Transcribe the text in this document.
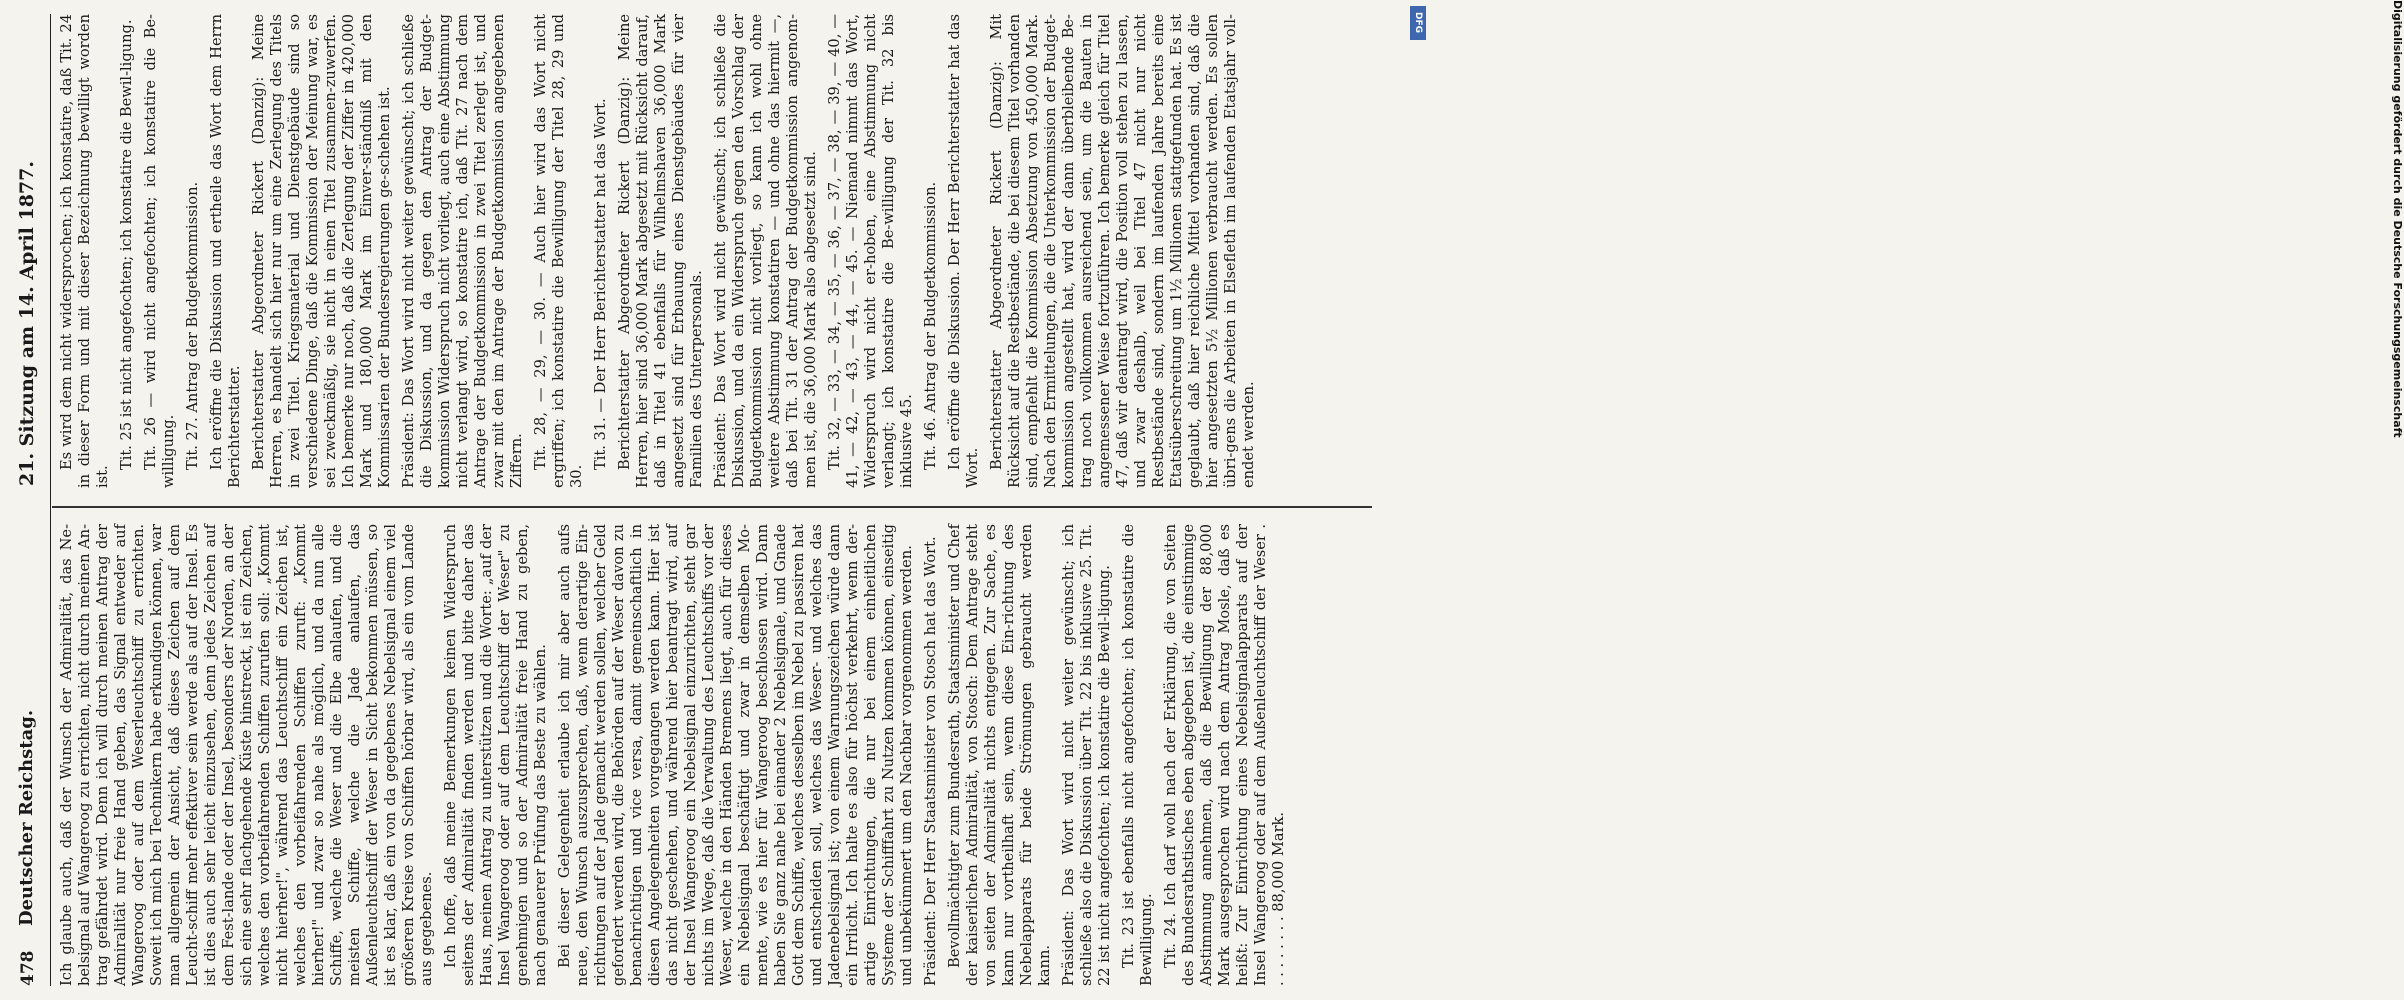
478
Deutscher Reichstag.
21. Sitzung am 14. April 1877.

Ich glaube auch, daß der Wunsch der Admiralität, das Ne-belsignal auf Wangeroog zu errichten, nicht durch meinen An-trag gefährdet wird. Denn ich will durch meinen Antrag der Admiralität nur freie Hand geben, das Signal entweder auf Wangeroog oder auf dem Weserleuchtschiff zu errichten. Soweit ich mich bei Technikern habe erkundigen können, war man allgemein der Ansicht, daß dieses Zeichen auf dem Leucht-schiff mehr effektiver sein werde als auf der Insel. Es ist dies auch sehr leicht einzusehen, denn jedes Zeichen auf dem Fest-lande oder der Insel, besonders der Norden, an der sich eine sehr flachgehende Küste hinstreckt, ist ein Zeichen, welches den vorbeifahrenden Schiffen zurufen soll: „Kommt nicht hierher!", während das Leuchtschiff ein Zeichen ist, welches den vorbeifahrenden Schiffen zuruft: „Kommt hierher!" und zwar so nahe als möglich, und da nun alle Schiffe, welche die Weser und die Elbe anlaufen, und die meisten Schiffe, welche die Jade anlaufen, das Außenleuchtschiff der Weser in Sicht bekommen müssen, so ist es klar, daß ein von da gegebenes Nebelsignal einem viel größeren Kreise von Schiffen hörbar wird, als ein vom Lande aus gegebenes. Ich hoffe, daß meine Bemerkungen keinen Widerspruch seitens der Admiralität finden werden und bitte daher das Haus, meinen Antrag zu unterstützen und die Worte: „auf der Insel Wangeroog oder auf dem Leuchtschiff der Weser" zu genehmigen und so der Admiralität freie Hand zu geben, nach genauerer Prüfung das Beste zu wählen. Bei dieser Gelegenheit erlaube ich mir aber auch aufs neue, den Wunsch auszusprechen, daß, wenn derartige Ein-richtungen auf der Jade gemacht werden sollen, welcher Geld gefordert werden wird, die Behörden auf der Weser davon zu benachrichtigen und vice versa, damit gemeinschaftlich in diesen Angelegenheiten vorgegangen werden kann. Hier ist das nicht geschehen, und während hier beantragt wird, auf der Insel Wangeroog ein Nebelsignal einzurichten, steht gar nichts im Wege, daß die Verwaltung des Leuchtschiffs vor der Weser, welche in den Händen Bremens liegt, auch für dieses ein Nebelsignal beschäftigt und zwar in demselben Mo-mente, wie es hier für Wangeroog beschlossen wird. Dann haben Sie ganz nahe bei einander 2 Nebelsignale, und Gnade Gott dem Schiffe, welches desselben im Nebel zu passiren hat und entscheiden soll, welches das Weser- und welches das Jadenebelsignal ist; von einem Warnungszeichen würde dann ein Irrlicht. Ich halte es also für höchst verkehrt, wenn der-artige Einrichtungen, die nur bei einem einheitlichen Systeme der Schifffahrt zu Nutzen kommen können, einseitig und unbekümmert um den Nachbar vorgenommen werden. Präsident: Der Herr Staatsminister von Stosch hat das Wort. Bevollmächtigter zum Bundesrath, Staatsminister und Chef der kaiserlichen Admiralität, von Stosch: Dem Antrage steht von seiten der Admiralität nichts entgegen. Zur Sache, es kann nur vortheilhaft sein, wenn diese Ein-richtung des Nebelapparats für beide Strömungen gebraucht werden kann. Präsident: Das Wort wird nicht weiter gewünscht; ich schließe also die Diskussion über Tit. 22 bis inklusive 25. Tit. 22 ist nicht angefochten; ich konstatire die Bewil-ligung. Tit. 23 ist ebenfalls nicht angefochten; ich konstatire die Bewilligung. Tit. 24. Ich darf wohl nach der Erklärung, die von Seiten des Bundesrathstisches eben abgegeben ist, die einstimmige Abstimmung annehmen, daß die Bewilligung der 88,000 Mark ausgesprochen wird nach dem Antrag Mosle, daß es heißt: Zur Einrichtung eines Nebelsignalapparats auf der Insel Wangeroog oder auf dem Außenleuchtschiff der Weser . . . . . . . . . 88,000 Mark.

Es wird dem nicht widersprochen; ich konstatire, daß Tit. 24 in dieser Form und mit dieser Bezeichnung bewilligt worden ist.

Tit. 25 ist nicht angefochten; ich konstatire die Bewil-ligung. Tit. 26 — wird nicht angefochten; ich konstatire die Be-willigung. Tit. 27. Antrag der Budgetkommission. Ich eröffne die Diskussion und ertheile das Wort dem Herrn Berichterstatter. Berichterstatter Abgeordneter Rickert (Danzig): Meine Herren, es handelt sich hier nur um eine Zerlegung des Titels in zwei Titel. Kriegsmaterial und Dienstgebäude sind so verschiedene Dinge, daß die Kommission der Meinung war, es sei zweckmäßig, sie nicht in einen Titel zusammen-zuwerfen. Ich bemerke nur noch, daß die Zerlegung der Ziffer in 420,000 Mark und 180,000 Mark im Einver-ständniß mit den Kommissarien der Bundesregierungen ge-schehen ist. Präsident: Das Wort wird nicht weiter gewünscht; ich schließe die Diskussion, und da gegen den Antrag der Budget-kommission Widerspruch nicht vorliegt, auch eine Abstimmung nicht verlangt wird, so konstatire ich, daß Tit. 27 nach dem Antrage der Budgetkommission in zwei Titel zerlegt ist, und zwar mit den im Antrage der Budgetkommission angegebenen Ziffern. Tit. 28, — 29, — 30. — Auch hier wird das Wort nicht ergriffen; ich konstatire die Bewilligung der Titel 28, 29 und 30.

Tit. 31. — Der Herr Berichterstatter hat das Wort. Berichterstatter Abgeordneter Rickert (Danzig): Meine Herren, hier sind 36,000 Mark abgesetzt mit Rücksicht darauf, daß in Titel 41 ebenfalls für Wilhelmshaven 36,000 Mark angesetzt sind für Erbauung eines Dienstgebäudes für vier Familien des Unterpersonals. Präsident: Das Wort wird nicht gewünscht; ich schließe die Diskussion, und da ein Widerspruch gegen den Vorschlag der Budgetkommission nicht vorliegt, so kann ich wohl ohne weitere Abstimmung konstatiren — und ohne das hiermit —, daß bei Tit. 31 der Antrag der Budgetkommission angenom-men ist, die 36,000 Mark also abgesetzt sind. Tit. 32, — 33, — 34, — 35, — 36, — 37, — 38, — 39, — 40, — 41, — 42, — 43, — 44, — 45. — Niemand nimmt das Wort, Widerspruch wird nicht er-hoben, eine Abstimmung nicht verlangt; ich konstatire die Be-willigung der Tit. 32 bis inklusive 45. Tit. 46. Antrag der Budgetkommission. Ich eröffne die Diskussion. Der Herr Berichterstatter hat das Wort. Berichterstatter Abgeordneter Rickert (Danzig): Mit Rücksicht auf die Restbestände, die bei diesem Titel vorhanden sind, empfiehlt die Kommission Absetzung von 450,000 Mark. Nach den Ermittelungen, die die Unterkommission der Budget-kommission angestellt hat, wird der dann überbleibende Be-trag noch vollkommen ausreichend sein, um die Bauten in angemessener Weise fortzuführen. Ich bemerke gleich für Titel 47, daß wir deantragt wird, die Position voll stehen zu lassen, und zwar deshalb, weil bei Titel 47 nicht nur nicht Restbestände sind, sondern im laufenden Jahre bereits eine Etatsüberschreitung um 1½ Millionen stattgefunden hat. Es ist geglaubt, daß hier reichliche Mittel vorhanden sind, daß die hier angesetzten 5½ Millionen verbraucht werden. Es sollen übri-gens die Arbeiten in Elsefleth im laufenden Etatsjahr voll-endet werden.	Digitalisierung gefördert durch die Deutsche Forschungsgemeinschaft
DFG
